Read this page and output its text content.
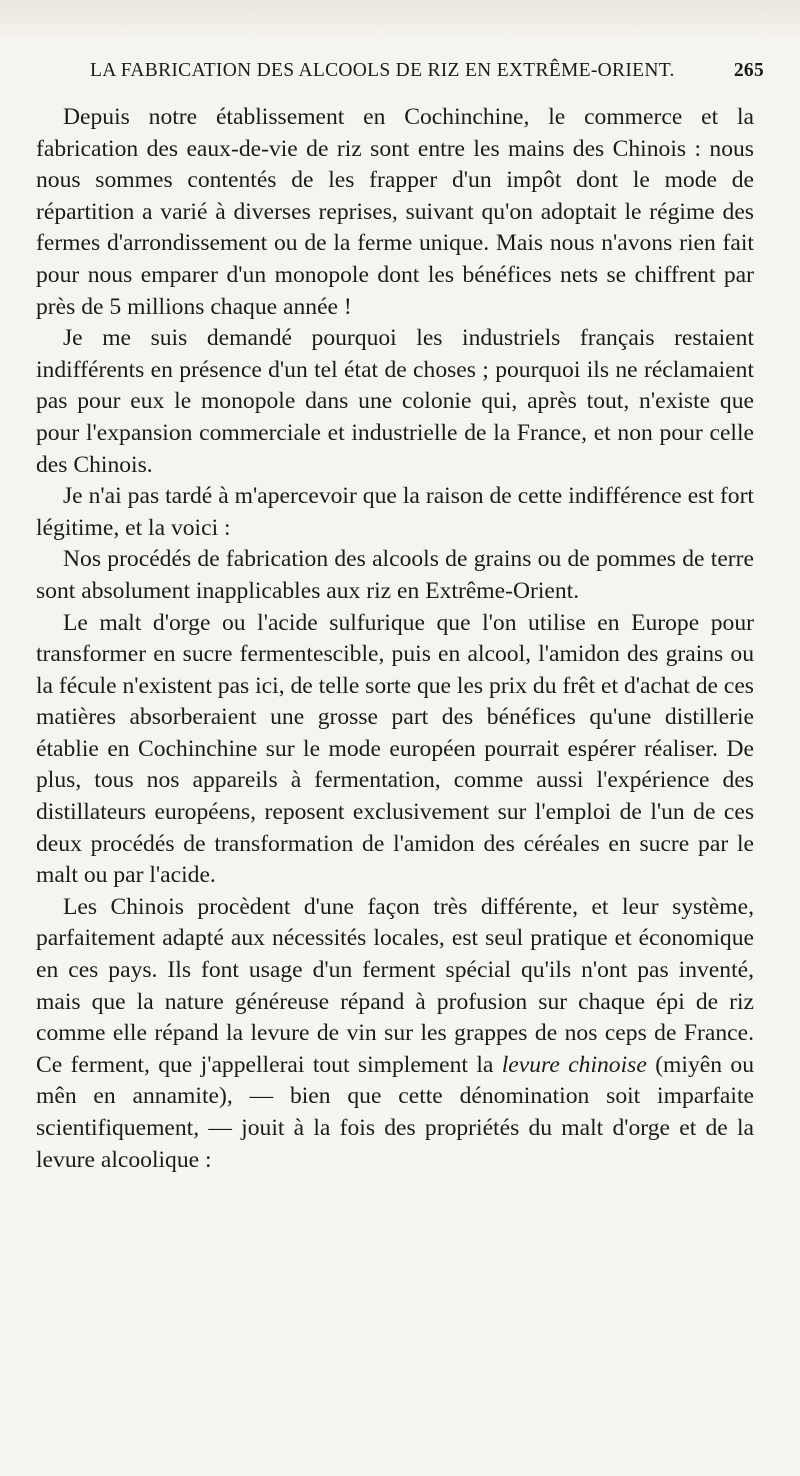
LA FABRICATION DES ALCOOLS DE RIZ EN EXTRÊME-ORIENT.	265

Depuis notre établissement en Cochinchine, le commerce et la fabrication des eaux-de-vie de riz sont entre les mains des Chinois : nous nous sommes contentés de les frapper d'un impôt dont le mode de répartition a varié à diverses reprises, suivant qu'on adoptait le régime des fermes d'arrondissement ou de la ferme unique. Mais nous n'avons rien fait pour nous emparer d'un monopole dont les bénéfices nets se chiffrent par près de 5 millions chaque année !

Je me suis demandé pourquoi les industriels français restaient indifférents en présence d'un tel état de choses ; pourquoi ils ne réclamaient pas pour eux le monopole dans une colonie qui, après tout, n'existe que pour l'expansion commerciale et industrielle de la France, et non pour celle des Chinois.

Je n'ai pas tardé à m'apercevoir que la raison de cette indifférence est fort légitime, et la voici :

Nos procédés de fabrication des alcools de grains ou de pommes de terre sont absolument inapplicables aux riz en Extrême-Orient.

Le malt d'orge ou l'acide sulfurique que l'on utilise en Europe pour transformer en sucre fermentescible, puis en alcool, l'amidon des grains ou la fécule n'existent pas ici, de telle sorte que les prix du frêt et d'achat de ces matières absorberaient une grosse part des bénéfices qu'une distillerie établie en Cochinchine sur le mode européen pourrait espérer réaliser. De plus, tous nos appareils à fermentation, comme aussi l'expérience des distillateurs européens, reposent exclusivement sur l'emploi de l'un de ces deux procédés de transformation de l'amidon des céréales en sucre par le malt ou par l'acide.

Les Chinois procèdent d'une façon très différente, et leur système, parfaitement adapté aux nécessités locales, est seul pratique et économique en ces pays. Ils font usage d'un ferment spécial qu'ils n'ont pas inventé, mais que la nature généreuse répand à profusion sur chaque épi de riz comme elle répand la levure de vin sur les grappes de nos ceps de France. Ce ferment, que j'appellerai tout simplement la levure chinoise (miyên ou mên en annamite), — bien que cette dénomination soit imparfaite scientifiquement, — jouit à la fois des propriétés du malt d'orge et de la levure alcoolique :
